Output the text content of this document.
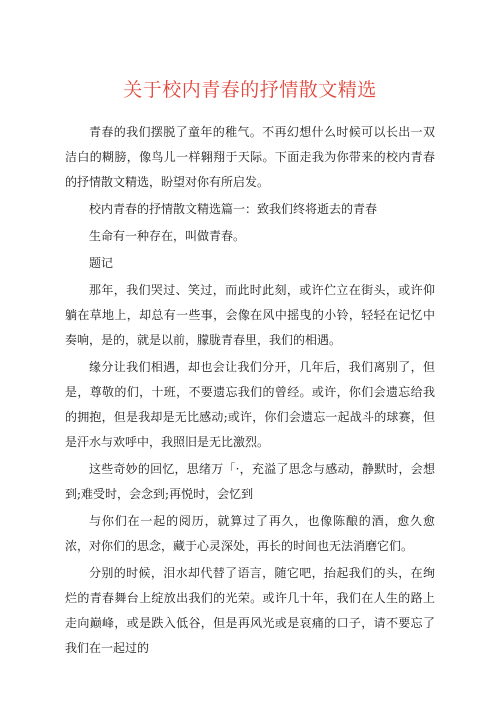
关于校内青春的抒情散文精选

青春的我们摆脱了童年的稚气。不再幻想什么时候可以长出一双洁白的糊膀，像鸟儿一样翱翔于天际。下面走我为你带来的校内青春的抒情散文精选，盼望对你有所启发。

校内青春的抒情散文精选篇一：致我们终将逝去的青春

生命有一种存在，叫做青春。

题记

那年，我们哭过、笑过，而此时此刻，或许伫立在街头，或许仰躺在草地上，却总有一些事，会像在风中摇曳的小铃，轻轻在记忆中奏响，是的，就是以前，朦胧青春里，我们的相遇。

缘分让我们相遇，却也会让我们分开，几年后，我们离别了，但是，尊敬的们，十班，不要遗忘我们的曾经。或许，你们会遗忘给我的拥抱，但是我却是无比感动;或许，你们会遗忘一起战斗的球赛，但是汗水与欢呼中，我照旧是无比激烈。

这些奇妙的回忆，思绪万「·，充溢了思念与感动，静默时，会想到;难受时，会念到;再悦时，会忆到

与你们在一起的阅历，就算过了再久，也像陈酿的酒，愈久愈浓，对你们的思念，藏于心灵深处，再长的时间也无法消磨它们。

分别的时候，泪水却代替了语言，随它吧，抬起我们的头，在绚烂的青春舞台上绽放出我们的光荣。或许几十年，我们在人生的路上走向巅峰，或是跌入低谷，但是再风光或是哀痛的口子，请不要忘了我们在一起过的
